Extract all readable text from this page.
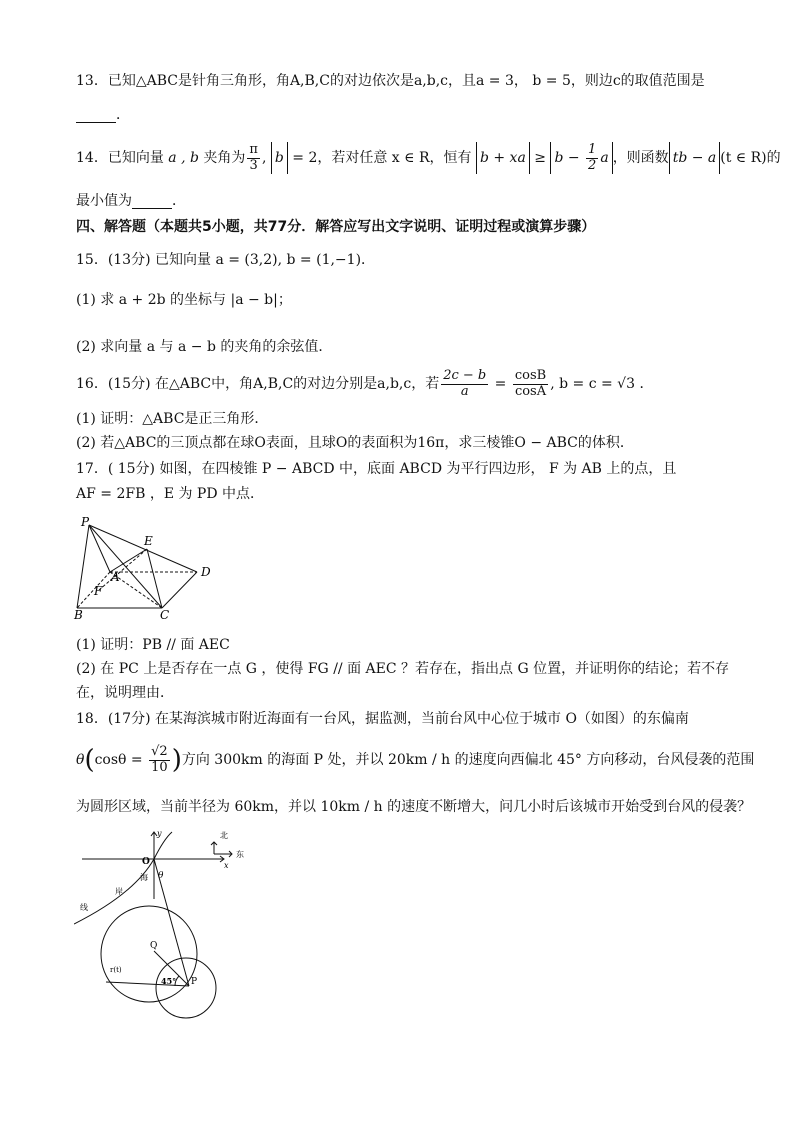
13．已知△ABC是针角三角形，角A,B,C的对边依次是a,b,c，且a = 3， b = 5，则边c的取值范围是
．
14．已知向量 a , b 夹角为 $\frac{\pi}{3}$ , b = 2，若对任意 x ∈ R，恒有 b + xa ≥ $b - \frac{1}{2}$ a ，则函数 tb − a (t ∈ R)的
最小值为	．
四、解答题（本题共5小题，共77分．解答应写出文字说明、证明过程或演算步骤）
15．(13分) 已知向量 a = (3,2), b = (1,−1)．
(1) 求 a + 2b 的坐标与 |a − b|；
(2) 求向量 a 与 a − b 的夹角的余弦值．
16．(15分) 在△ABC中，角A,B,C的对边分别是a,b,c，若 $\frac{2c - b}{a} = \frac{\cos B}{\cos A}$ , b = c = √3 ．
(1) 证明：△ABC是正三角形．
(2) 若△ABC的三顶点都在球O表面，且球O的表面积为16π，求三棱锥O − ABC的体积．
17．( 15分) 如图，在四棱锥 P − ABCD 中，底面 ABCD 为平行四边形， F 为 AB 上的点，且
AF = 2FB ，E 为 PD 中点．
P
E
A	D
F
B	C
(1) 证明：PB // 面 AEC
(2) 在 PC 上是否存在一点 G ，使得 FG // 面 AEC ？若存在，指出点 G 位置，并证明你的结论；若不存
在，说明理由．
18．(17分) 在某海滨城市附近海面有一台风，据监测，当前台风中心位于城市 O（如图）的东偏南
$\theta(\cos\theta = \frac{√2}{10}$ )方向 300km 的海面 P 处，并以 20km / h 的速度向西偏北 45° 方向移动，台风侵袭的范围
为圆形区域，当前半径为 60km，并以 10km / h 的速度不断增大，问几小时后该城市开始受到台风的侵袭？
O	x
y	北
东
θ
海
岸
线
Q
r(t)
45° P
